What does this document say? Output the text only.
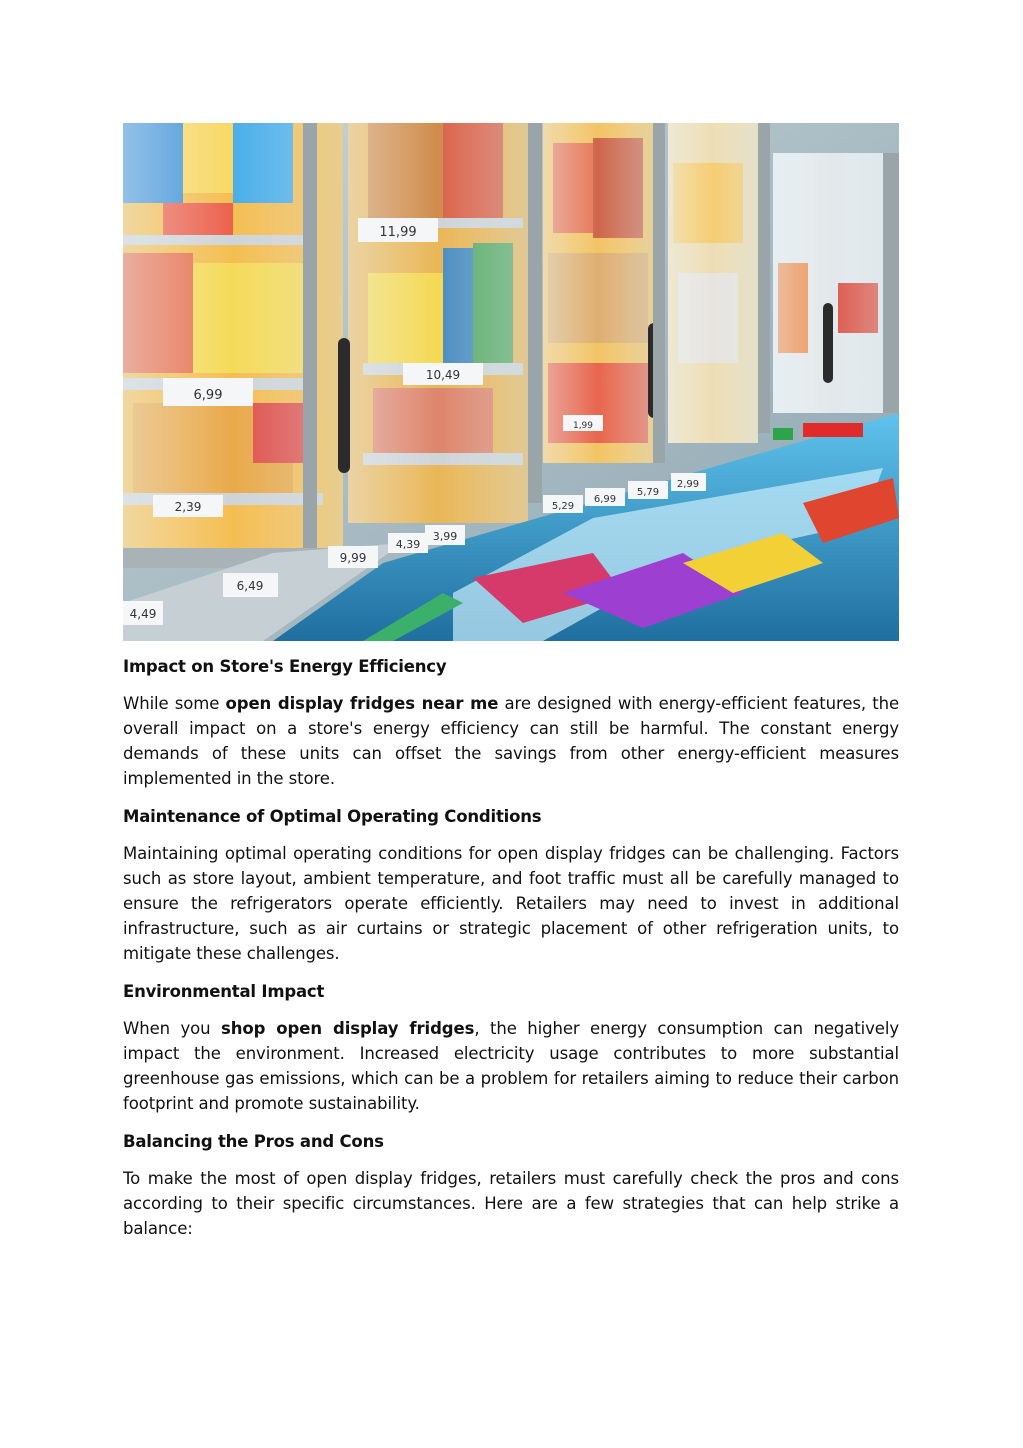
11,99
6,99
10,49
2,39
9,99
4,39
3,99
6,49
4,49
5,29
6,99
5,79
2,99
1,99
Impact on Store's Energy Efficiency

While some open display fridges near me are designed with energy-efficient features, the overall impact on a store's energy efficiency can still be harmful. The constant energy demands of these units can offset the savings from other energy-efficient measures implemented in the store.

Maintenance of Optimal Operating Conditions

Maintaining optimal operating conditions for open display fridges can be challenging. Factors such as store layout, ambient temperature, and foot traffic must all be carefully managed to ensure the refrigerators operate efficiently. Retailers may need to invest in additional infrastructure, such as air curtains or strategic placement of other refrigeration units, to mitigate these challenges.

Environmental Impact

When you shop open display fridges, the higher energy consumption can negatively impact the environment. Increased electricity usage contributes to more substantial greenhouse gas emissions, which can be a problem for retailers aiming to reduce their carbon footprint and promote sustainability.

Balancing the Pros and Cons

To make the most of open display fridges, retailers must carefully check the pros and cons according to their specific circumstances. Here are a few strategies that can help strike a balance:
